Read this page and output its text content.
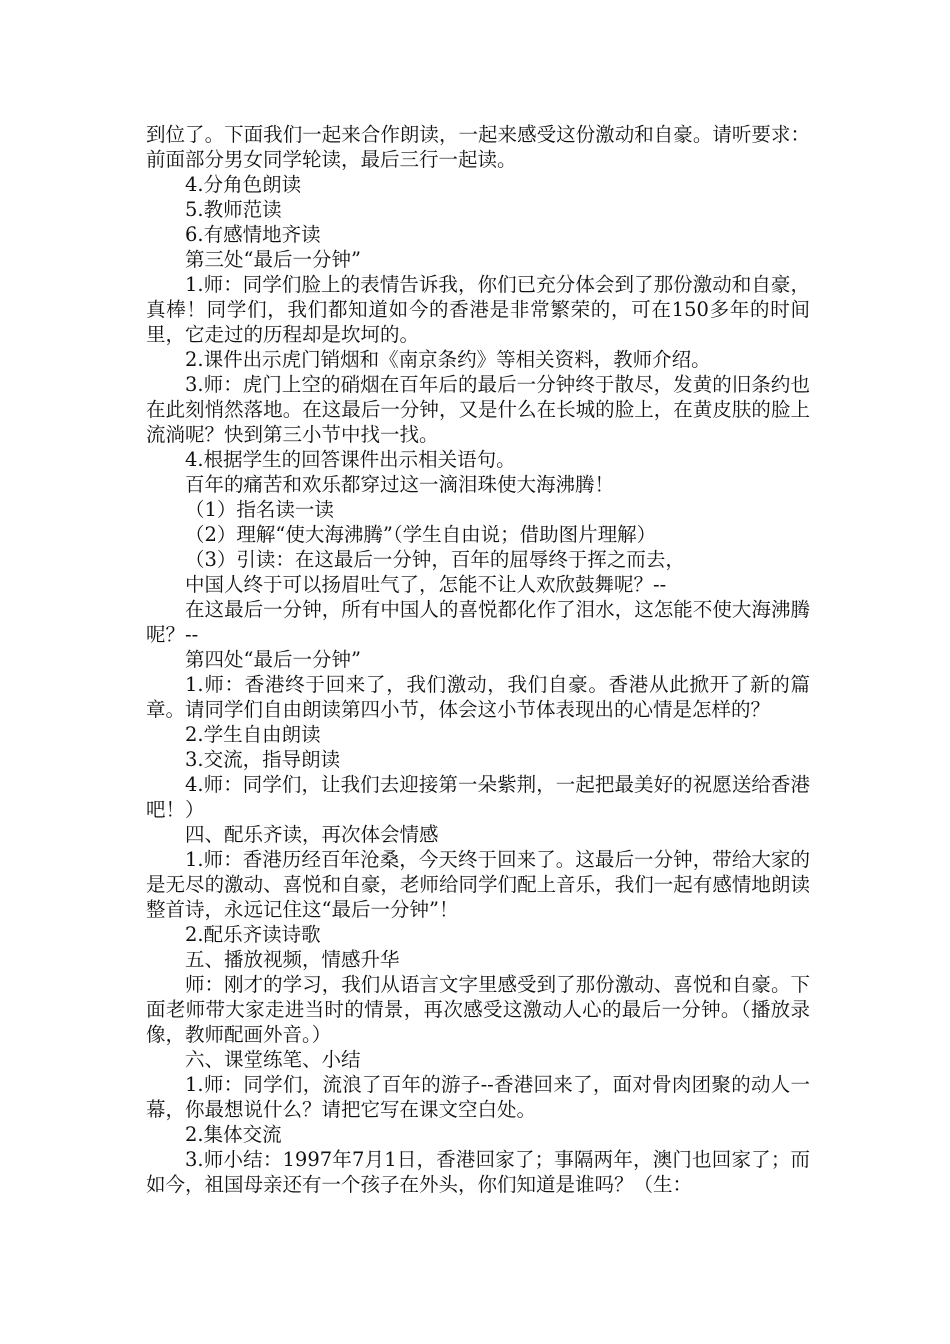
到位了。下面我们一起来合作朗读，一起来感受这份激动和自豪。请听要求：前面部分男女同学轮读，最后三行一起读。

4.分角色朗读

5.教师范读

6.有感情地齐读

第三处“最后一分钟”

1.师：同学们脸上的表情告诉我，你们已充分体会到了那份激动和自豪，真棒！同学们，我们都知道如今的香港是非常繁荣的，可在150多年的时间里，它走过的历程却是坎坷的。

2.课件出示虎门销烟和《南京条约》等相关资料，教师介绍。

3.师：虎门上空的硝烟在百年后的最后一分钟终于散尽，发黄的旧条约也在此刻悄然落地。在这最后一分钟，又是什么在长城的脸上，在黄皮肤的脸上流淌呢？快到第三小节中找一找。

4.根据学生的回答课件出示相关语句。

百年的痛苦和欢乐都穿过这一滴泪珠使大海沸腾！

（1）指名读一读

（2）理解“使大海沸腾”（学生自由说；借助图片理解）

（3）引读：在这最后一分钟，百年的屈辱终于挥之而去，

中国人终于可以扬眉吐气了，怎能不让人欢欣鼓舞呢？--

在这最后一分钟，所有中国人的喜悦都化作了泪水，这怎能不使大海沸腾呢？--

第四处“最后一分钟”

1.师：香港终于回来了，我们激动，我们自豪。香港从此掀开了新的篇章。请同学们自由朗读第四小节，体会这小节体表现出的心情是怎样的？

2.学生自由朗读

3.交流，指导朗读

4.师：同学们，让我们去迎接第一朵紫荆，一起把最美好的祝愿送给香港吧！）

四、配乐齐读，再次体会情感

1.师：香港历经百年沧桑，今天终于回来了。这最后一分钟，带给大家的是无尽的激动、喜悦和自豪，老师给同学们配上音乐，我们一起有感情地朗读整首诗，永远记住这“最后一分钟”！

2.配乐齐读诗歌

五、播放视频，情感升华

师：刚才的学习，我们从语言文字里感受到了那份激动、喜悦和自豪。下面老师带大家走进当时的情景，再次感受这激动人心的最后一分钟。（播放录像，教师配画外音。）

六、课堂练笔、小结

1.师：同学们，流浪了百年的游子--香港回来了，面对骨肉团聚的动人一幕，你最想说什么？请把它写在课文空白处。

2.集体交流

3.师小结：1997年7月1日，香港回家了；事隔两年，澳门也回家了；而如今，祖国母亲还有一个孩子在外头，你们知道是谁吗？（生：
